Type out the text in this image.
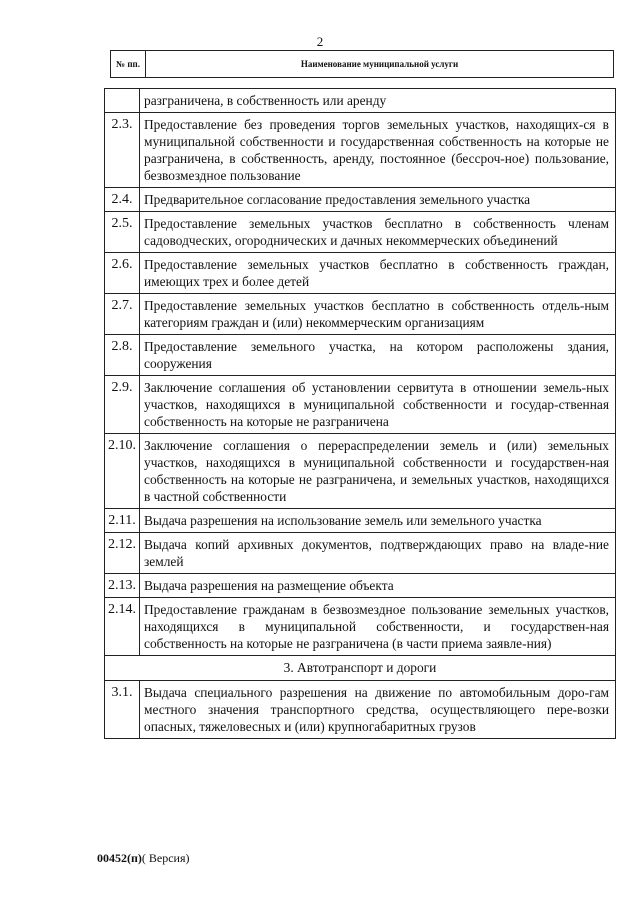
2
№ пп.	Наименование муниципальной услуги
	разграничена, в собственность или аренду
2.3.	Предоставление без проведения торгов земельных участков, находящих-ся в муниципальной собственности и государственная собственность на которые не разграничена, в собственность, аренду, постоянное (бессроч-ное) пользование, безвозмездное пользование
2.4.	Предварительное согласование предоставления земельного участка
2.5.	Предоставление земельных участков бесплатно в собственность членам садоводческих, огороднических и дачных некоммерческих объединений
2.6.	Предоставление земельных участков бесплатно в собственность граждан, имеющих трех и более детей
2.7.	Предоставление земельных участков бесплатно в собственность отдель-ным категориям граждан и (или) некоммерческим организациям
2.8.	Предоставление земельного участка, на котором расположены здания, сооружения
2.9.	Заключение соглашения об установлении сервитута в отношении земель-ных участков, находящихся в муниципальной собственности и государ-ственная собственность на которые не разграничена
2.10.	Заключение соглашения о перераспределении земель и (или) земельных участков, находящихся в муниципальной собственности и государствен-ная собственность на которые не разграничена, и земельных участков, находящихся в частной собственности
2.11.	Выдача разрешения на использование земель или земельного участка
2.12.	Выдача копий архивных документов, подтверждающих право на владе-ние землей
2.13.	Выдача разрешения на размещение объекта
2.14.	Предоставление гражданам в безвозмездное пользование земельных участков, находящихся в муниципальной собственности, и государствен-ная собственность на которые не разграничена (в части приема заявле-ния)
3. Автотранспорт и дороги	
3.1.	Выдача специального разрешения на движение по автомобильным доро-гам местного значения транспортного средства, осуществляющего пере-возки опасных, тяжеловесных и (или) крупногабаритных грузов
00452(п)( Версия)
